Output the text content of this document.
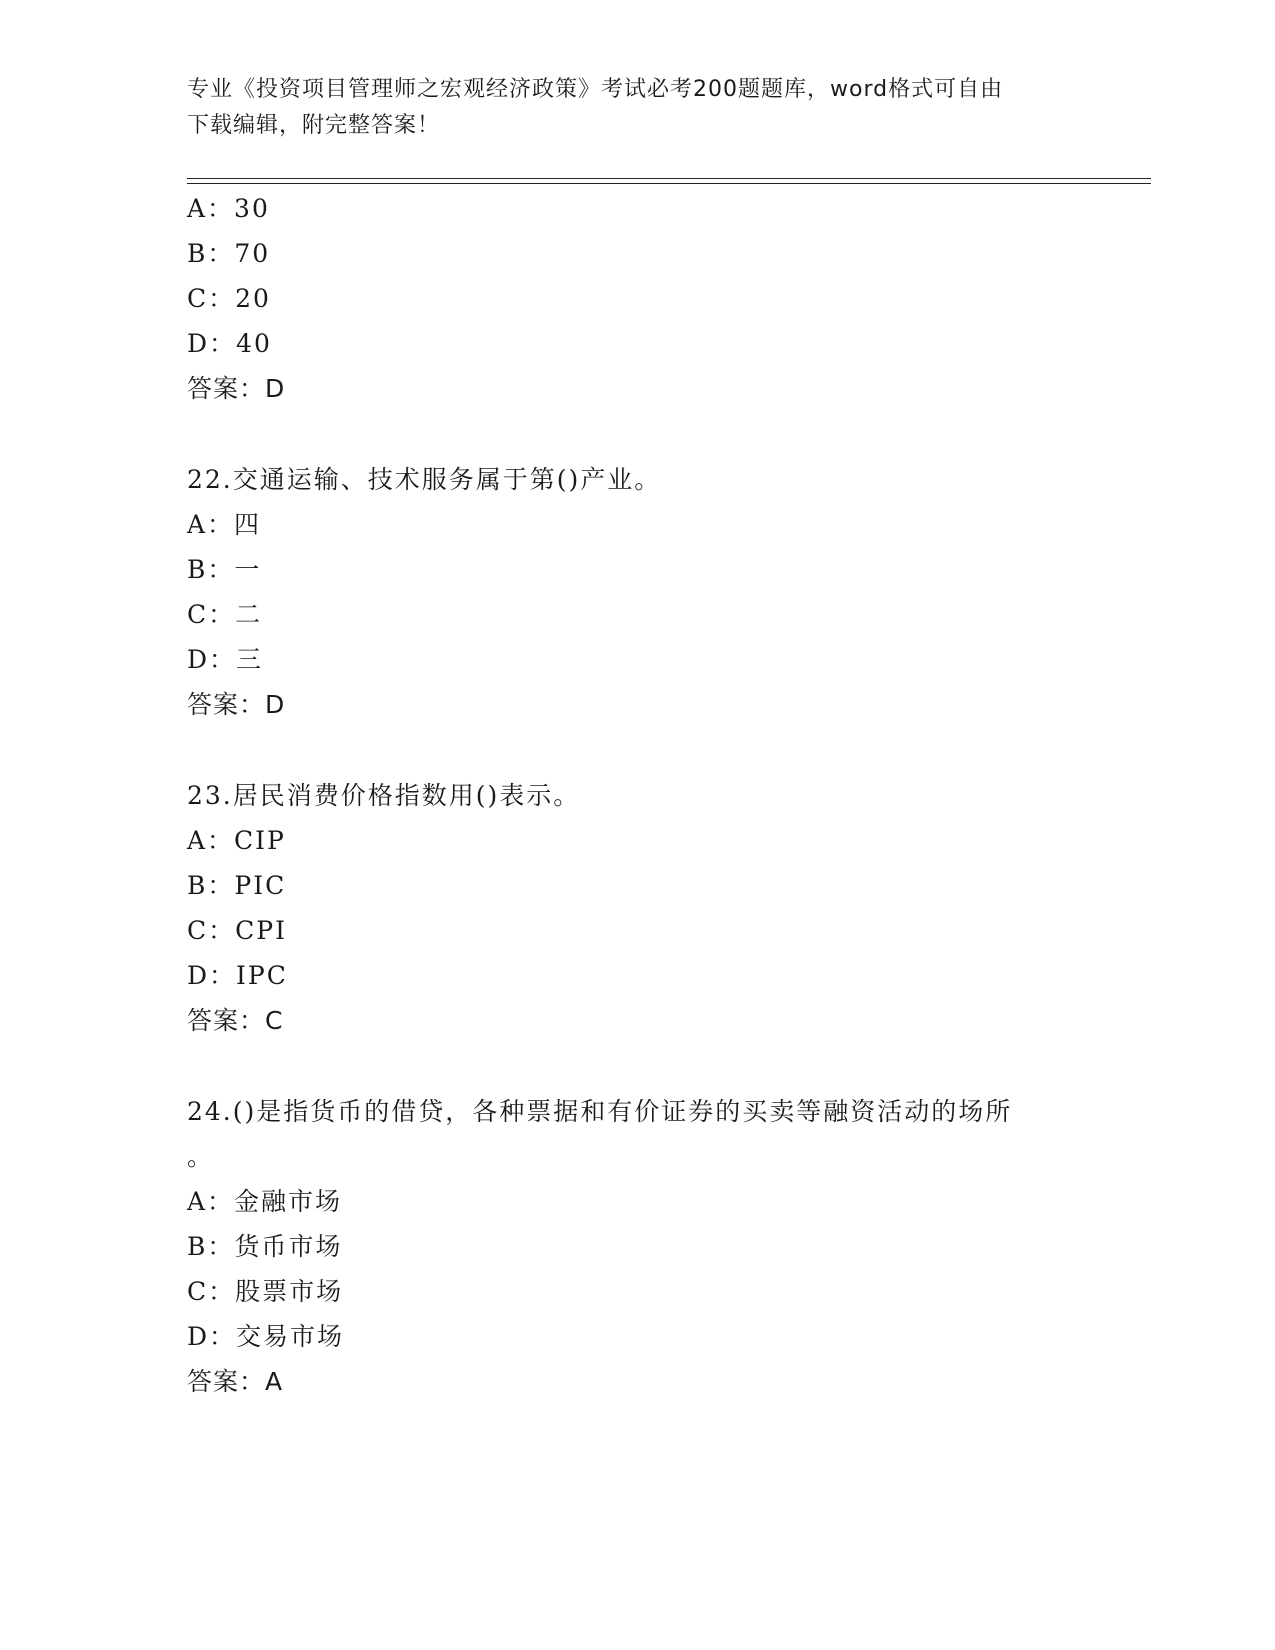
专业《投资项目管理师之宏观经济政策》考试必考200题题库，word格式可自由
下载编辑，附完整答案！
A：30
B：70
C：20
D：40
答案：D
22.交通运输、技术服务属于第()产业。
A：四
B：一
C：二
D：三
答案：D
23.居民消费价格指数用()表示。
A：CIP
B：PIC
C：CPI
D：IPC
答案：C
24.()是指货币的借贷，各种票据和有价证券的买卖等融资活动的场所
。
A：金融市场
B：货币市场
C：股票市场
D：交易市场
答案：A
